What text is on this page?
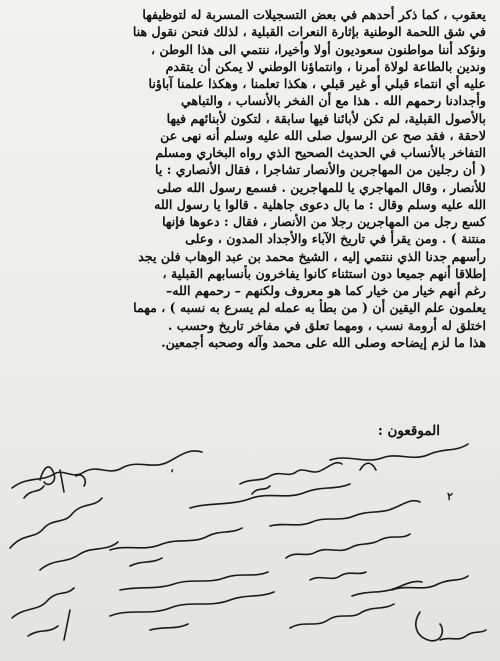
يعقوب ، كما ذكر أحدهم في بعض التسجيلات المسربة له لتوظيفها
في شق اللحمة الوطنية بإثارة النعرات القبلية ، لذلك فنحن نقول هنا
ونؤكد أننا مواطنون سعوديون أولا وأخيرا، ننتمي الى هذا الوطن ،
وندين بالطاعة لولاة أمرنا ، وانتماؤنا الوطني لا يمكن أن يتقدم
عليه أي انتماء قبلي أو غير قبلي ، هكذا تعلمنا ، وهكذا علمنا آباؤنا
وأجدادنا رحمهم الله . هذا مع أن الفخر بالأنساب ، والتباهي
بالأصول القبلية، لم تكن لأبائنا فيها سابقة ، لتكون لأبنائهم فيها
لاحقة ، فقد صح عن الرسول صلى الله عليه وسلم أنه نهى عن
التفاخر بالأنساب في الحديث الصحيح الذي رواه البخاري ومسلم
( أن رجلين من المهاجرين والأنصار تشاجرا ، فقال الأنصاري : يا
للأنصار ، وقال المهاجري يا للمهاجرين . فسمع رسول الله صلى
الله عليه وسلم وقال : ما بال دعوى جاهلية . قالوا يا رسول الله
كسع رجل من المهاجرين رجلا من الأنصار ، فقال : دعوها فإنها
منتنة ) . ومن يقرأ في تاريخ الآباء والأجداد المدون ، وعلى
رأسهم جدنا الذي ننتمي إليه ، الشيخ محمد بن عبد الوهاب فلن يجد
إطلاقا أنهم جميعا دون استثناء كانوا يفاخرون بأنسابهم القبلية ،
رغم أنهم خيار من خيار كما هو معروف ولكنهم – رحمهم الله–
يعلمون علم اليقين أن ( من بطأ به عمله لم يسرع به نسبه ) ، مهما
اختلق له أرومة نسب ، ومهما تعلق في مفاخر تاريخ وحسب .
هذا ما لزم إيضاحه وصلى الله على محمد وآله وصحبه أجمعين.
الموقعون :
٢
،
